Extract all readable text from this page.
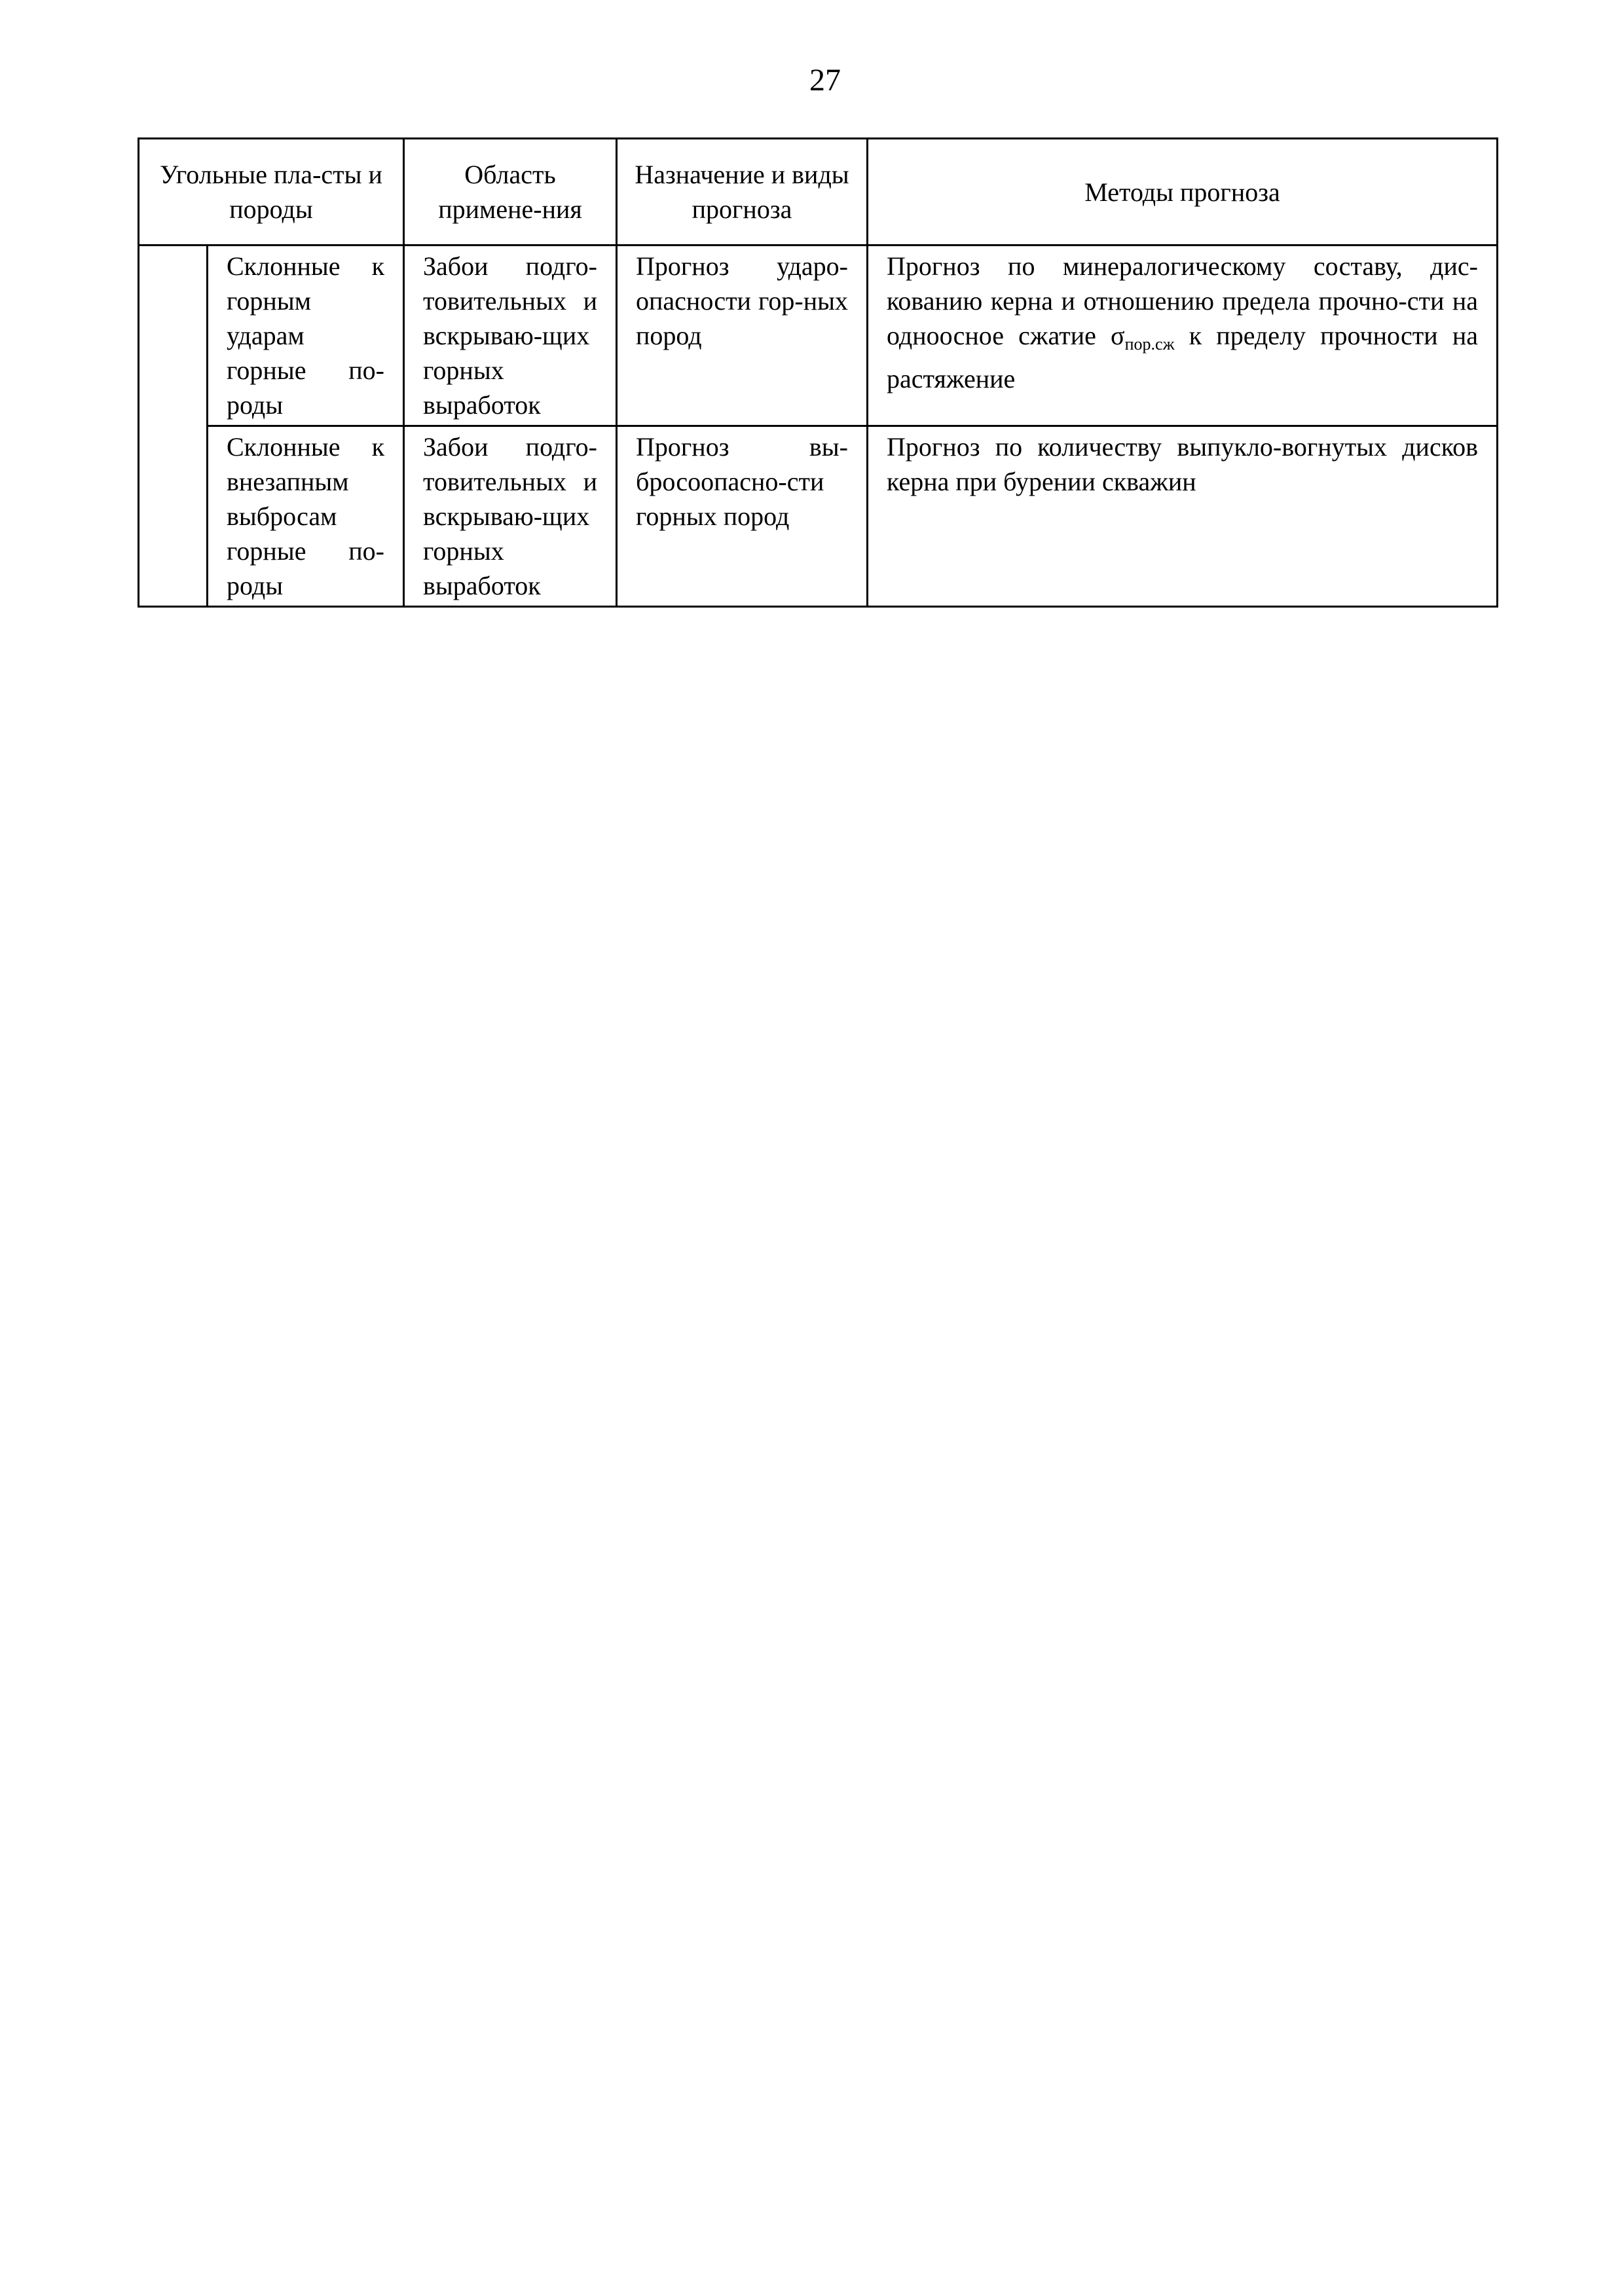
27
Угольные пла-сты и породы		Область примене-ния	Назначение и виды прогноза	Методы прогноза
	Склонные к горным ударам горные по-роды	Забои подго-товительных и вскрываю-щих горных выработок	Прогноз ударо-опасности гор-ных пород	Прогноз по минералогическому составу, дис-кованию керна и отношению предела прочно-сти на одноосное сжатие $\sigma_{пор.сж}$ к пределу прочности на растяжение
	Склонные к внезапным выбросам горные по-роды	Забои подго-товительных и вскрываю-щих горных выработок	Прогноз вы-бросоопасно-сти горных пород	Прогноз по количеству выпукло-вогнутых дисков керна при бурении скважин
